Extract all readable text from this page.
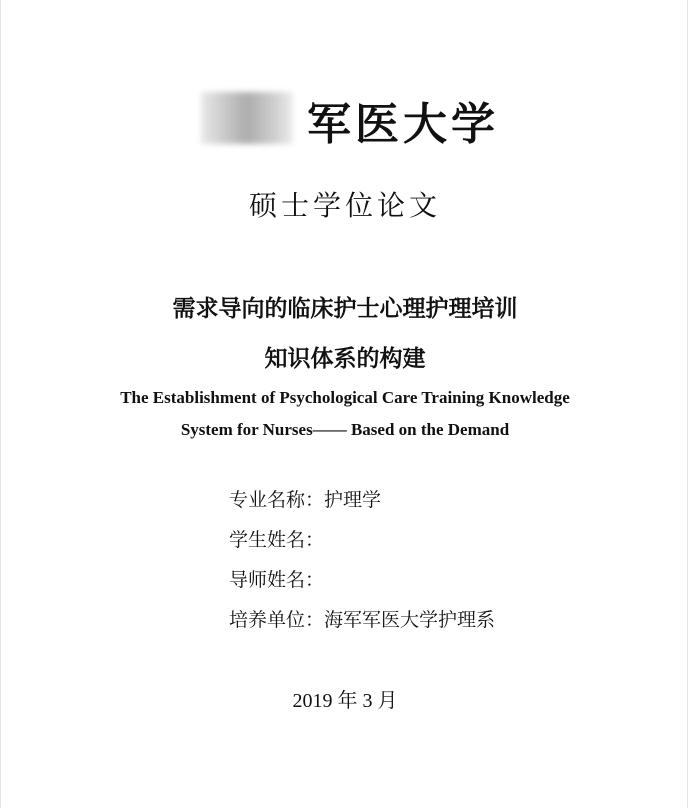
军医大学
硕士学位论文
需求导向的临床护士心理护理培训
知识体系的构建
The Establishment of Psychological Care Training Knowledge
System for Nurses—— Based on the Demand
专业名称：护理学
学生姓名：
导师姓名：
培养单位：海军军医大学护理系
2019 年 3 月
